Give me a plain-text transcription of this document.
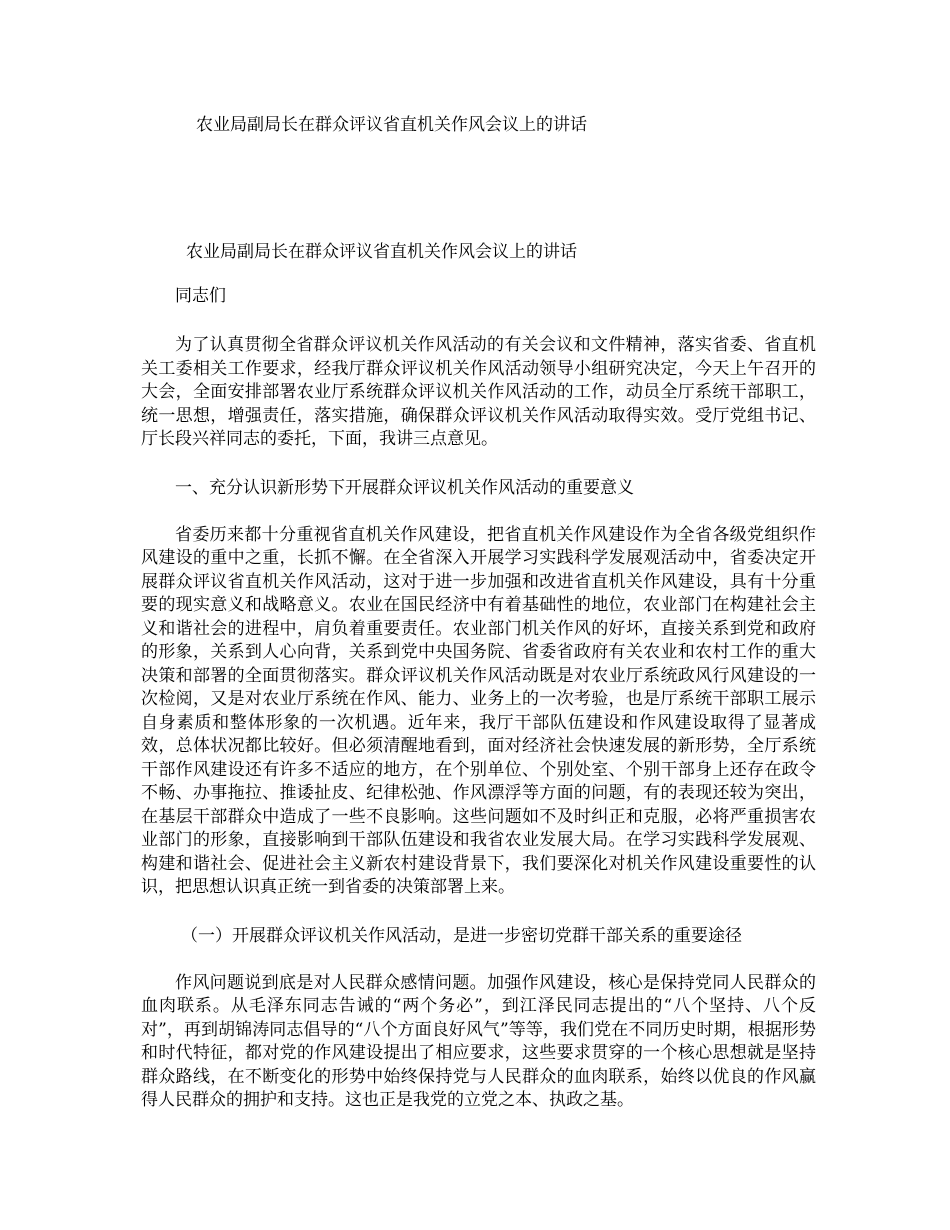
农业局副局长在群众评议省直机关作风会议上的讲话
农业局副局长在群众评议省直机关作风会议上的讲话
同志们

为了认真贯彻全省群众评议机关作风活动的有关会议和文件精神，落实省委、省直机关工委相关工作要求，经我厅群众评议机关作风活动领导小组研究决定，今天上午召开的大会，全面安排部署农业厅系统群众评议机关作风活动的工作，动员全厅系统干部职工，统一思想，增强责任，落实措施，确保群众评议机关作风活动取得实效。受厅党组书记、厅长段兴祥同志的委托，下面，我讲三点意见。

一、充分认识新形势下开展群众评议机关作风活动的重要意义

省委历来都十分重视省直机关作风建设，把省直机关作风建设作为全省各级党组织作风建设的重中之重，长抓不懈。在全省深入开展学习实践科学发展观活动中，省委决定开展群众评议省直机关作风活动，这对于进一步加强和改进省直机关作风建设，具有十分重要的现实意义和战略意义。农业在国民经济中有着基础性的地位，农业部门在构建社会主义和谐社会的进程中，肩负着重要责任。农业部门机关作风的好坏，直接关系到党和政府的形象，关系到人心向背，关系到党中央国务院、省委省政府有关农业和农村工作的重大决策和部署的全面贯彻落实。群众评议机关作风活动既是对农业厅系统政风行风建设的一次检阅，又是对农业厅系统在作风、能力、业务上的一次考验，也是厅系统干部职工展示自身素质和整体形象的一次机遇。近年来，我厅干部队伍建设和作风建设取得了显著成效，总体状况都比较好。但必须清醒地看到，面对经济社会快速发展的新形势，全厅系统干部作风建设还有许多不适应的地方，在个别单位、个别处室、个别干部身上还存在政令不畅、办事拖拉、推诿扯皮、纪律松弛、作风漂浮等方面的问题，有的表现还较为突出，在基层干部群众中造成了一些不良影响。这些问题如不及时纠正和克服，必将严重损害农业部门的形象，直接影响到干部队伍建设和我省农业发展大局。在学习实践科学发展观、构建和谐社会、促进社会主义新农村建设背景下，我们要深化对机关作风建设重要性的认识，把思想认识真正统一到省委的决策部署上来。

（一）开展群众评议机关作风活动，是进一步密切党群干部关系的重要途径

作风问题说到底是对人民群众感情问题。加强作风建设，核心是保持党同人民群众的血肉联系。从毛泽东同志告诫的“两个务必”，到江泽民同志提出的“八个坚持、八个反对”，再到胡锦涛同志倡导的“八个方面良好风气”等等，我们党在不同历史时期，根据形势和时代特征，都对党的作风建设提出了相应要求，这些要求贯穿的一个核心思想就是坚持群众路线，在不断变化的形势中始终保持党与人民群众的血肉联系，始终以优良的作风赢得人民群众的拥护和支持。这也正是我党的立党之本、执政之基。
